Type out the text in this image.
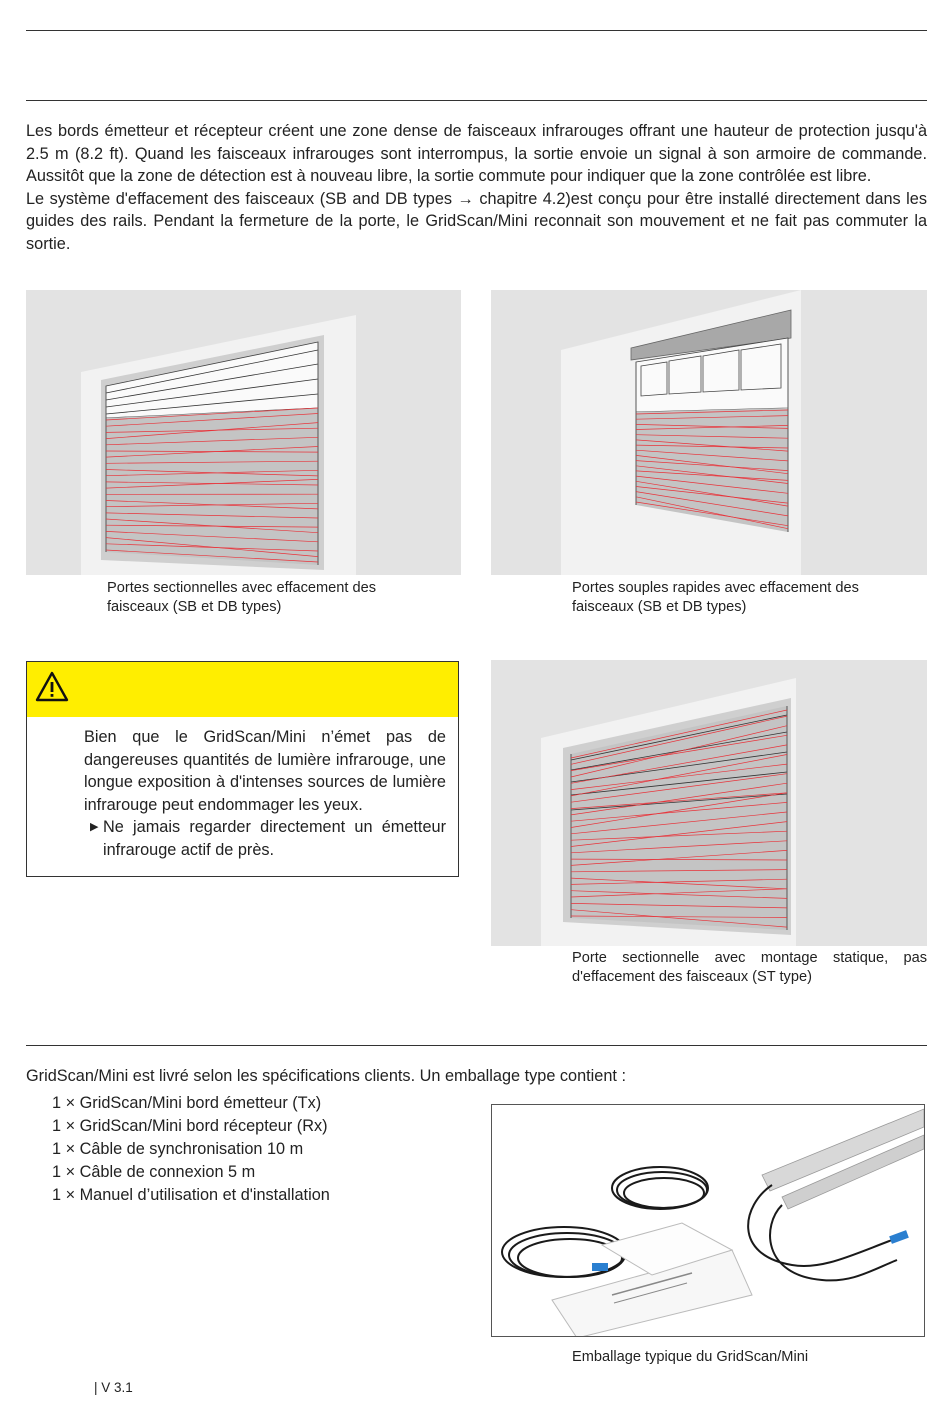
Les bords émetteur et récepteur créent une zone dense de faisceaux infrarouges offrant une hauteur de protection jusqu'à 2.5 m (8.2 ft). Quand les faisceaux infrarouges sont interrompus, la sortie envoie un signal à son armoire de commande. Aussitôt que la zone de détection est à nouveau libre, la sortie commute pour indiquer que la zone contrôlée est libre.

Le système d'effacement des faisceaux (SB and DB types → chapitre 4.2)est conçu pour être installé directement dans les guides des rails. Pendant la fermeture de la porte, le GridScan/Mini reconnait son mouvement et ne fait pas commuter la sortie.

Portes sectionnelles avec effacement des faisceaux (SB et DB types)

Portes souples rapides avec effacement des faisceaux (SB et DB types)

Bien que le GridScan/Mini n’émet pas de dangereuses quantités de lumière infrarouge, une longue exposition à d'intenses sources de lumière infrarouge peut endommager les yeux.

▶ Ne jamais regarder directement un émetteur infrarouge actif de près.

Porte sectionnelle avec montage statique, pas d'effacement des faisceaux (ST type)

GridScan/Mini est livré selon les spécifications clients. Un emballage type contient :

1 × GridScan/Mini bord émetteur (Tx)
1 × GridScan/Mini bord récepteur (Rx)
1 × Câble de synchronisation 10 m
1 × Câble de connexion 5 m
1 × Manuel d’utilisation et d'installation

Emballage typique du GridScan/Mini

| V 3.1
